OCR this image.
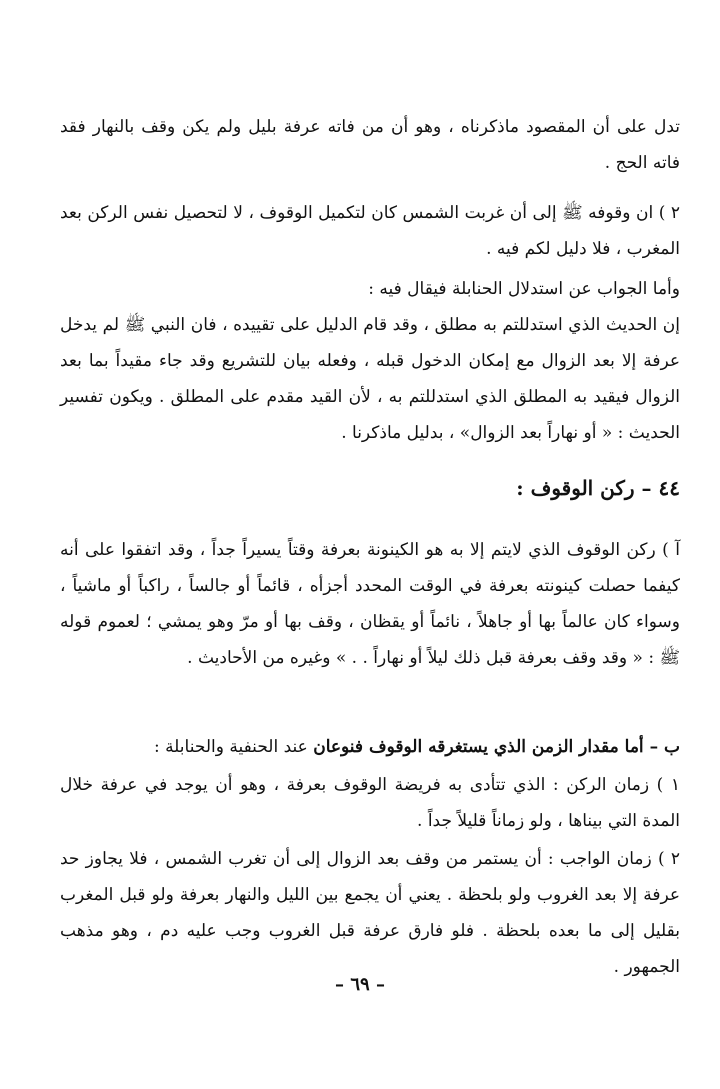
تدل على أن المقصود ماذكرناه ، وهو أن من فاته عرفة بليل ولم يكن وقف بالنهار فقد فاته الحج .

٢ ) ان وقوفه ﷺ إلى أن غربت الشمس كان لتكميل الوقوف ، لا لتحصيل نفس الركن بعد المغرب ، فلا دليل لكم فيه .

وأما الجواب عن استدلال الحنابلة فيقال فيه :

إن الحديث الذي استدللتم به مطلق ، وقد قام الدليل على تقييده ، فان النبي ﷺ لم يدخل عرفة إلا بعد الزوال مع إمكان الدخول قبله ، وفعله بيان للتشريع وقد جاء مقيداً بما بعد الزوال فيقيد به المطلق الذي استدللتم به ، لأن القيد مقدم على المطلق . ويكون تفسير الحديث : « أو نهاراً بعد الزوال» ، بدليل ماذكرنا .

٤٤ – ركن الوقوف :

آ ) ركن الوقوف الذي لايتم إلا به هو الكينونة بعرفة وقتاً يسيراً جداً ، وقد اتفقوا على أنه كيفما حصلت كينونته بعرفة في الوقت المحدد أجزأه ، قائماً أو جالساً ، راكباً أو ماشياً ، وسواء كان عالماً بها أو جاهلاً ، نائماً أو يقظان ، وقف بها أو مرّ وهو يمشي ؛ لعموم قوله ﷺ : « وقد وقف بعرفة قبل ذلك ليلاً أو نهاراً . . » وغيره من الأحاديث .

ب – أما مقدار الزمن الذي يستغرقه الوقوف فنوعان عند الحنفية والحنابلة :

١ ) زمان الركن : الذي تتأدى به فريضة الوقوف بعرفة ، وهو أن يوجد في عرفة خلال المدة التي بيناها ، ولو زماناً قليلاً جداً .

٢ ) زمان الواجب : أن يستمر من وقف بعد الزوال إلى أن تغرب الشمس ، فلا يجاوز حد عرفة إلا بعد الغروب ولو بلحظة . يعني أن يجمع بين الليل والنهار بعرفة ولو قبل المغرب بقليل إلى ما بعده بلحظة . فلو فارق عرفة قبل الغروب وجب عليه دم ، وهو مذهب الجمهور .

– ٦٩ –
